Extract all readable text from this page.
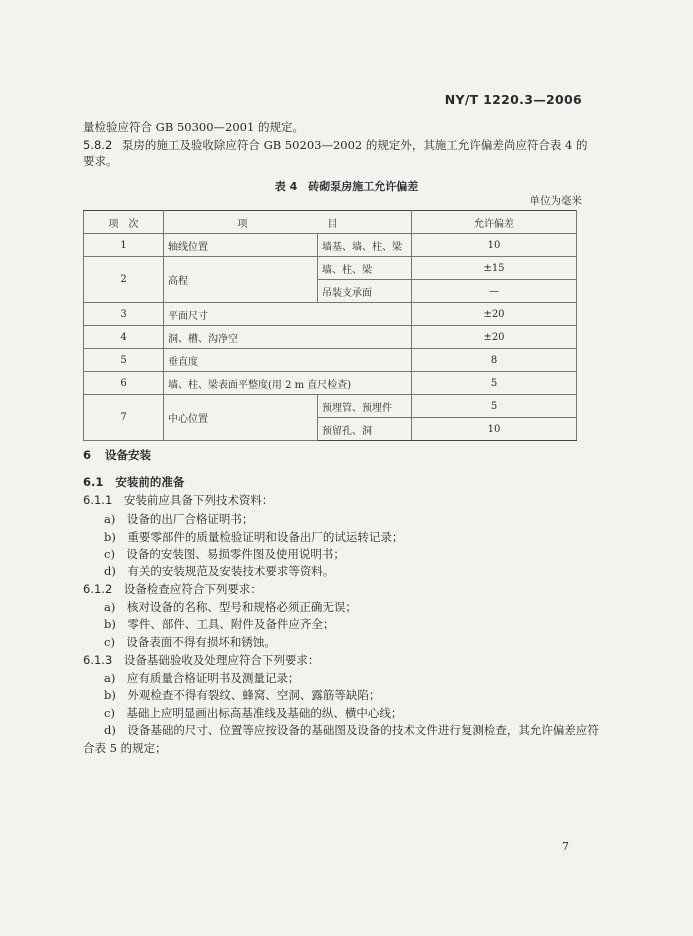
NY/T 1220.3—2006
量检验应符合 GB 50300—2001 的规定。
5.8.2 泵房的施工及验收除应符合 GB 50203—2002 的规定外，其施工允许偏差尚应符合表 4 的
要求。
表 4　砖砌泵房施工允许偏差
单位为毫米
项　次	项　　　　　　　　目		允许偏差
1	轴线位置	墙基、墙、柱、梁	10
2	高程	墙、柱、梁	±15
		吊装支承面	—
3	平面尺寸		±20
4	洞、槽、沟净空		±20
5	垂直度		8
6	墙、柱、梁表面平整度(用 2 m 直尺检查)		5
7	中心位置	预埋管、预埋件	5
		预留孔、洞	10
6 设备安装
6.1 安装前的准备
6.1.1 安装前应具备下列技术资料：
a)　设备的出厂合格证明书；
b)　重要零部件的质量检验证明和设备出厂的试运转记录；
c)　设备的安装图、易损零件图及使用说明书；
d)　有关的安装规范及安装技术要求等资料。
6.1.2 设备检查应符合下列要求：
a)　核对设备的名称、型号和规格必须正确无误；
b)　零件、部件、工具、附件及备件应齐全；
c)　设备表面不得有损坏和锈蚀。
6.1.3 设备基础验收及处理应符合下列要求：
a)　应有质量合格证明书及测量记录；
b)　外观检查不得有裂纹、蜂窝、空洞、露筋等缺陷；
c)　基础上应明显画出标高基准线及基础的纵、横中心线；
d)　设备基础的尺寸、位置等应按设备的基础图及设备的技术文件进行复测检查，其允许偏差应符
合表 5 的规定；
7
